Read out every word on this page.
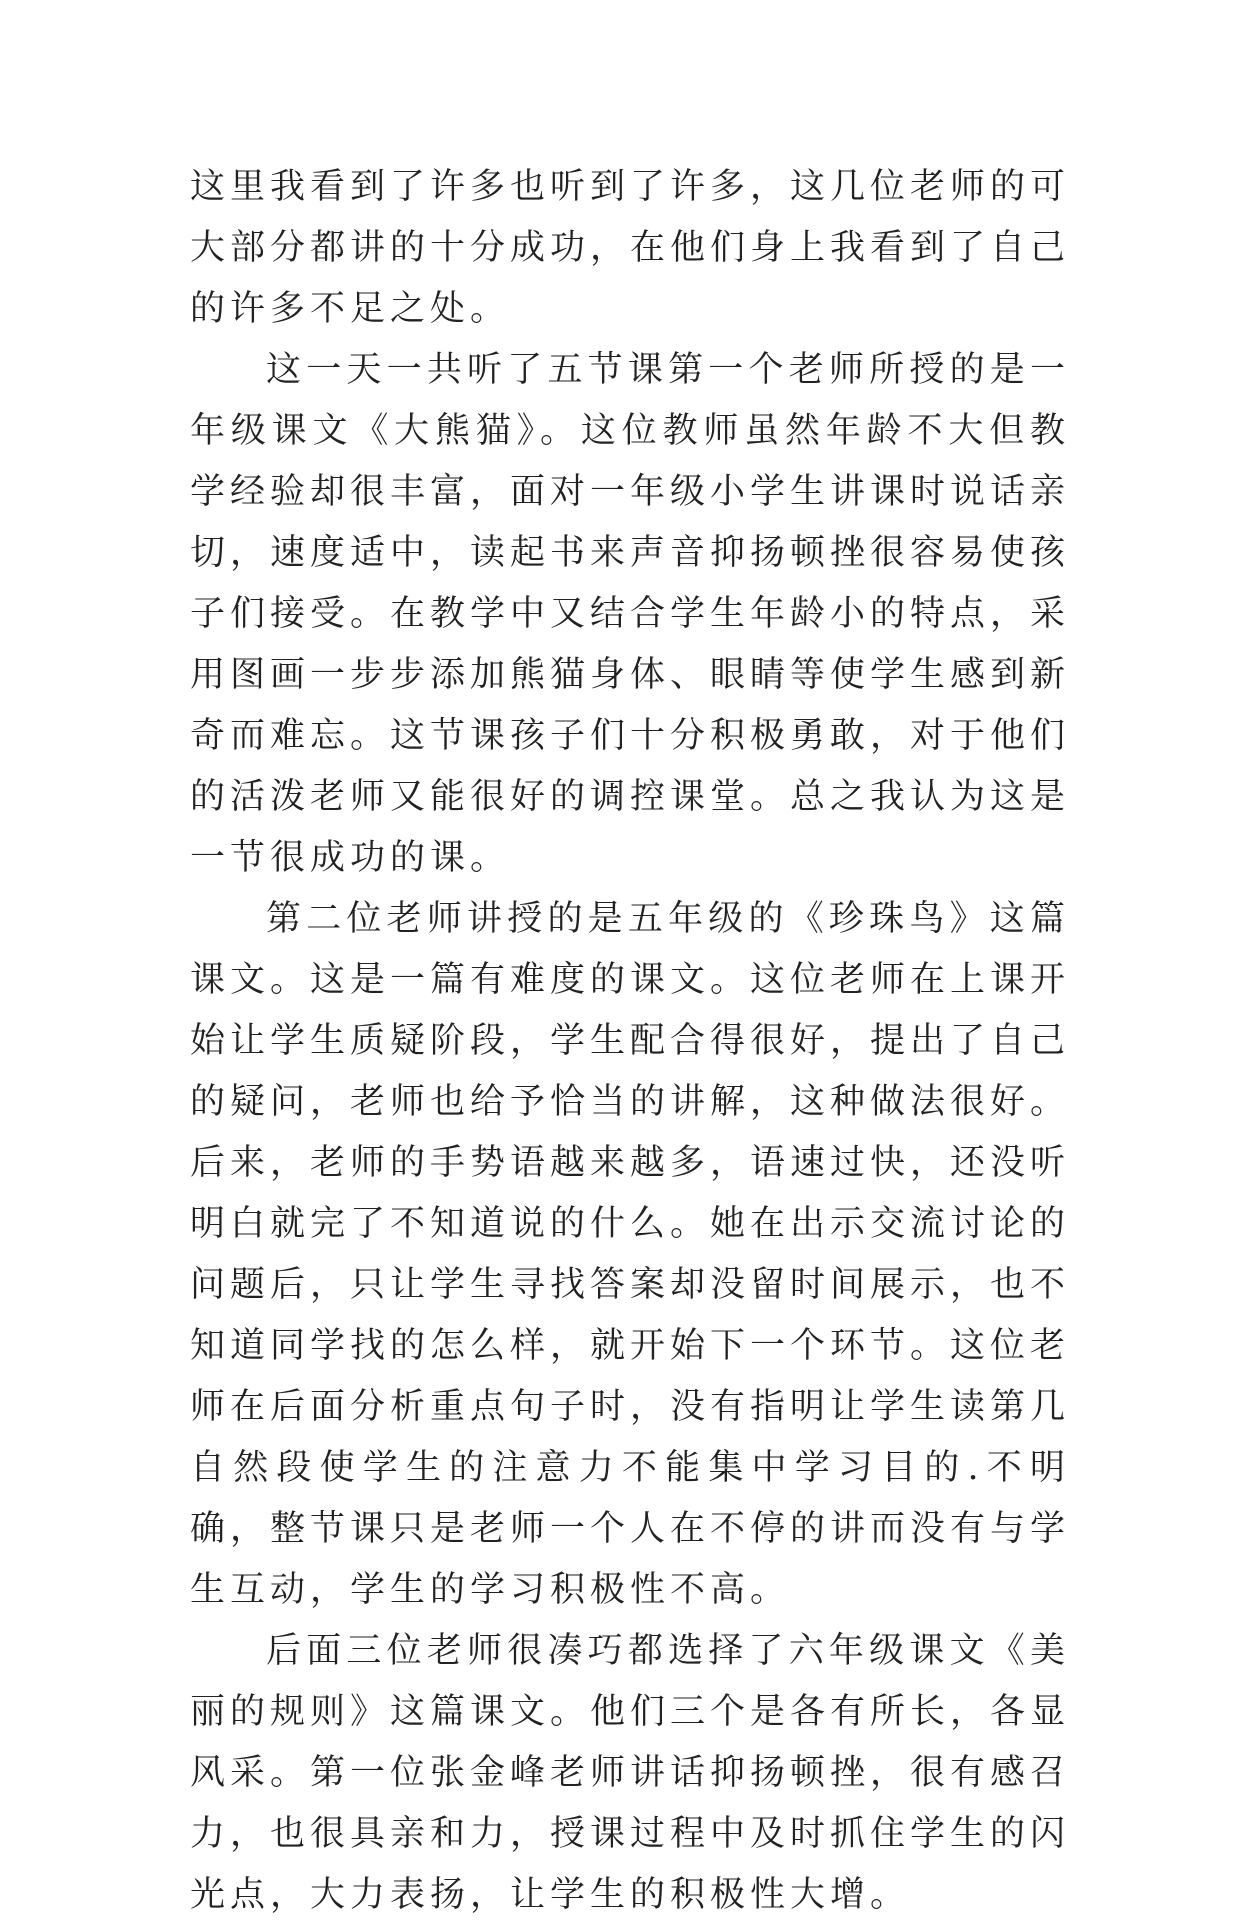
这里我看到了许多也听到了许多，这几位老师的可大部分都讲的十分成功，在他们身上我看到了自己的许多不足之处。

这一天一共听了五节课第一个老师所授的是一年级课文《大熊猫》。这位教师虽然年龄不大但教学经验却很丰富，面对一年级小学生讲课时说话亲切，速度适中，读起书来声音抑扬顿挫很容易使孩子们接受。在教学中又结合学生年龄小的特点，采用图画一步步添加熊猫身体、眼睛等使学生感到新奇而难忘。这节课孩子们十分积极勇敢，对于他们的活泼老师又能很好的调控课堂。总之我认为这是一节很成功的课。

第二位老师讲授的是五年级的《珍珠鸟》这篇课文。这是一篇有难度的课文。这位老师在上课开始让学生质疑阶段，学生配合得很好，提出了自己的疑问，老师也给予恰当的讲解，这种做法很好。后来，老师的手势语越来越多，语速过快，还没听明白就完了不知道说的什么。她在出示交流讨论的问题后，只让学生寻找答案却没留时间展示，也不知道同学找的怎么样，就开始下一个环节。这位老师在后面分析重点句子时，没有指明让学生读第几自然段使学生的注意力不能集中学习目的.不明确，整节课只是老师一个人在不停的讲而没有与学生互动，学生的学习积极性不高。

后面三位老师很凑巧都选择了六年级课文《美丽的规则》这篇课文。他们三个是各有所长，各显风采。第一位张金峰老师讲话抑扬顿挫，很有感召力，也很具亲和力，授课过程中及时抓住学生的闪光点，大力表扬，让学生的积极性大增。
